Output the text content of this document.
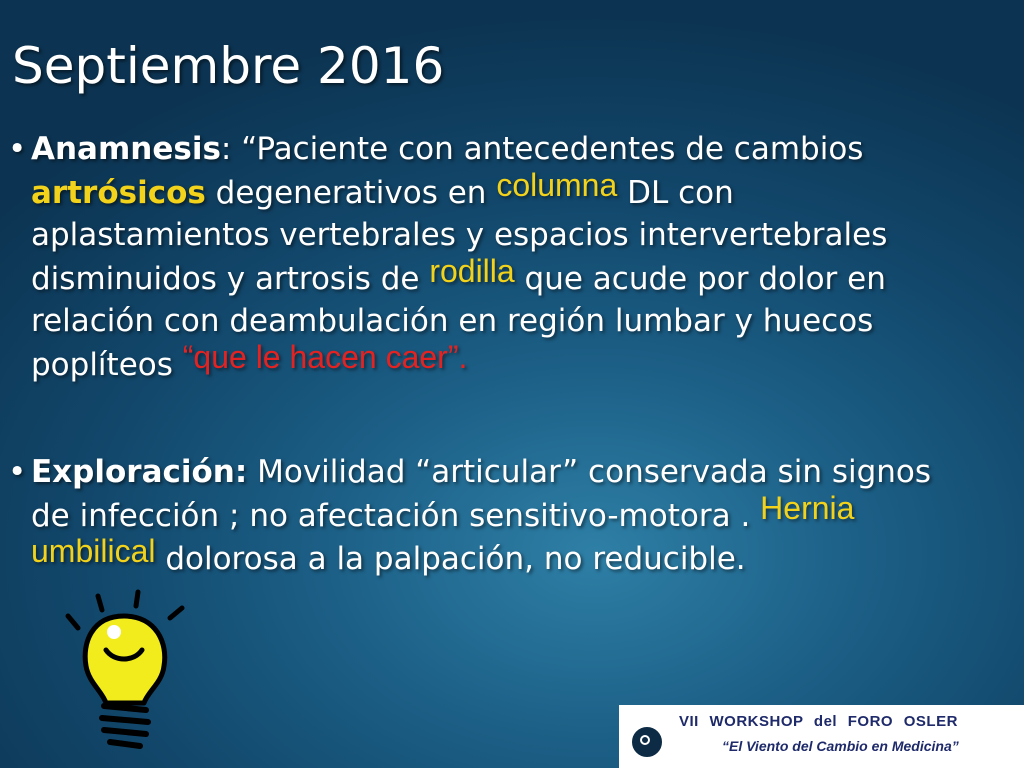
Septiembre 2016
• Anamnesis: “Paciente con antecedentes de cambios
artrósicos degenerativos en columna DL con
aplastamientos vertebrales y espacios intervertebrales
disminuidos y artrosis de rodilla que acude por dolor en
relación con deambulación en región lumbar y huecos
poplíteos “que le hacen caer”.
• Exploración: Movilidad “articular” conservada sin signos
de infección ; no afectación sensitivo-motora . Hernia
umbilical dolorosa a la palpación, no reducible.
VII WORKSHOP del FORO OSLER
“El Viento del Cambio en Medicina”
